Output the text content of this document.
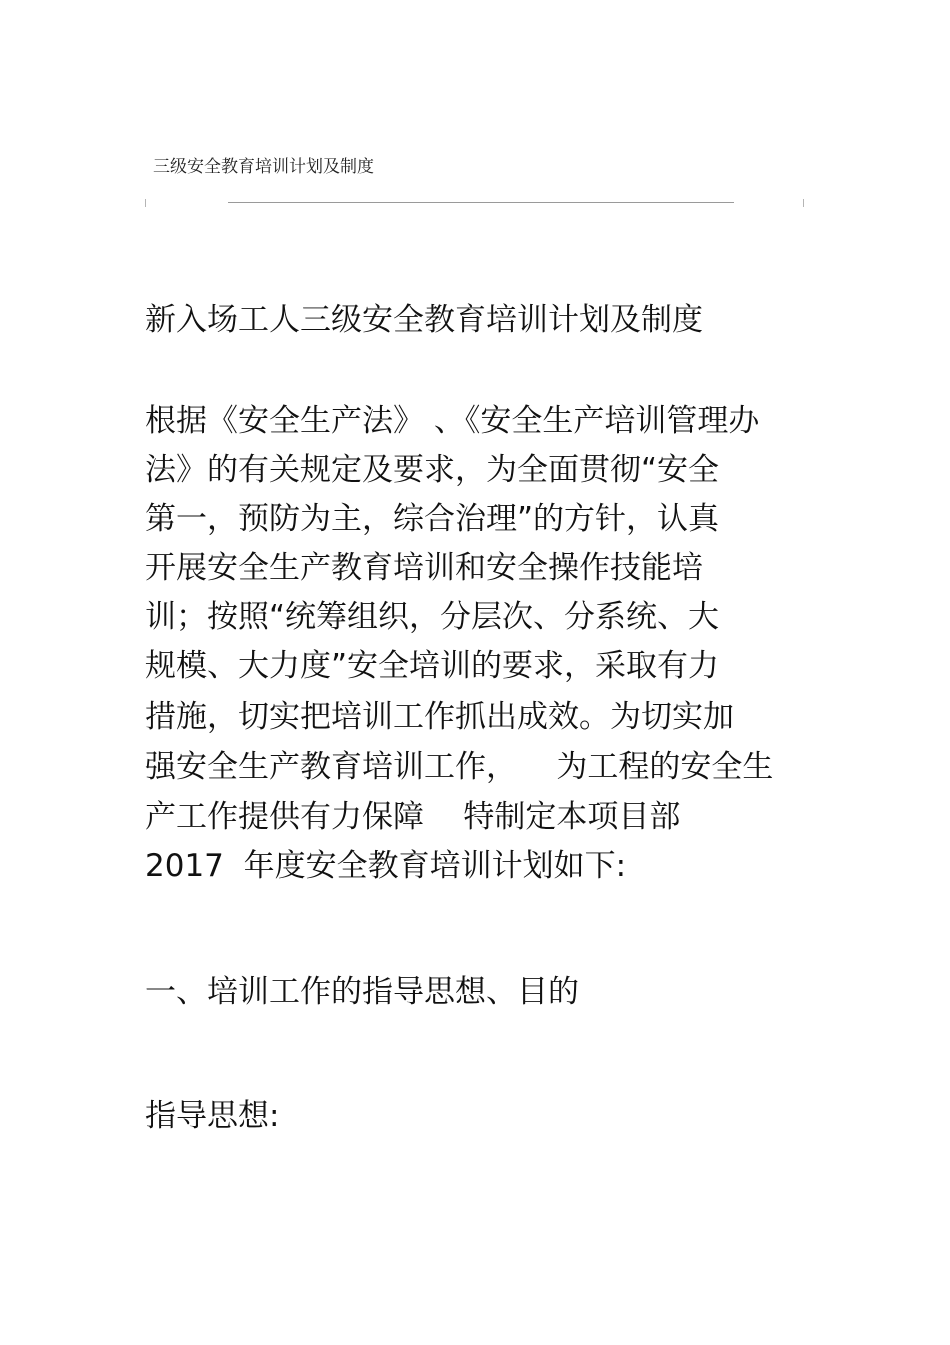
三级安全教育培训计划及制度
新入场工人三级安全教育培训计划及制度

根据《安全生产法》 、《安全生产培训管理办

法》的有关规定及要求，为全面贯彻“安全

第一，预防为主，综合治理”的方针，认真

开展安全生产教育培训和安全操作技能培

训；按照“统筹组织，分层次、分系统、大

规模、大力度”安全培训的要求，采取有力

措施，切实把培训工作抓出成效。为切实加

强安全生产教育培训工作，    为工程的安全生

产工作提供有力保障    特制定本项目部

2017  年度安全教育培训计划如下:

一、培训工作的指导思想、目的

指导思想:
